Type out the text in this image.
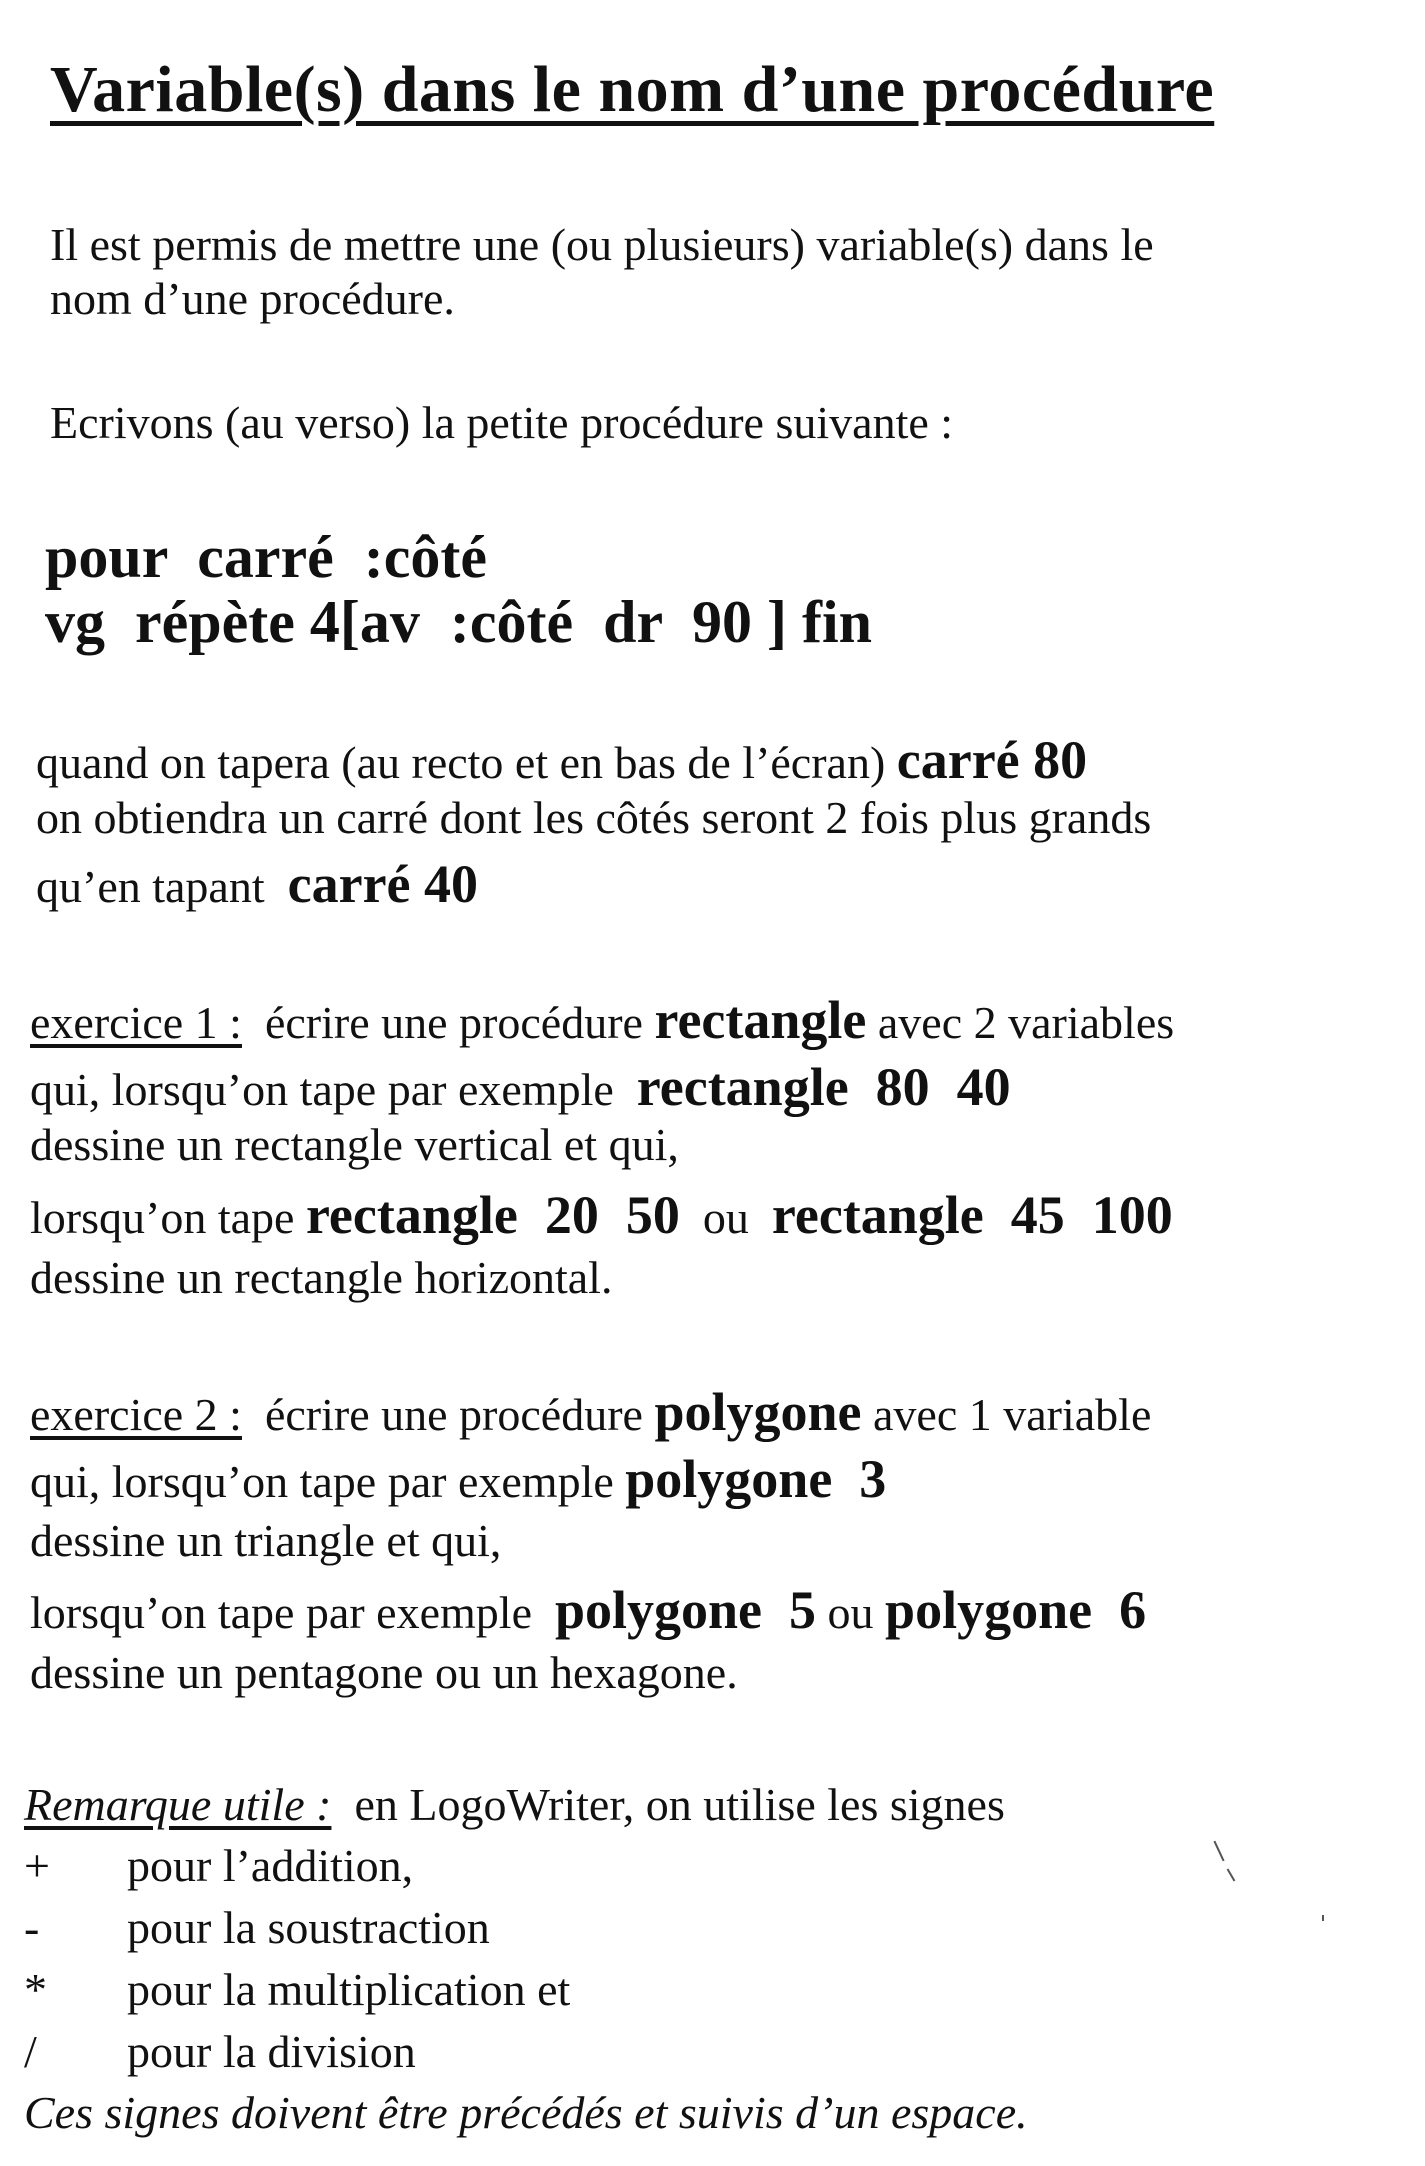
Variable(s) dans le nom d’une procédure
Il est permis de mettre une (ou plusieurs) variable(s) dans le
nom d’une procédure.
Ecrivons (au verso) la petite procédure suivante :
pour  carré  :côté
vg  répète 4[av  :côté  dr  90 ] fin
quand on tapera (au recto et en bas de l’écran) carré 80
on obtiendra un carré dont les côtés seront 2 fois plus grands
qu’en tapant  carré 40
exercice 1 : écrire une procédure rectangle avec 2 variables
qui, lorsqu’on tape par exemple  rectangle  80  40
dessine un rectangle vertical et qui,
lorsqu’on tape rectangle  20  50  ou  rectangle  45  100
dessine un rectangle horizontal.
exercice 2 : écrire une procédure polygone avec 1 variable
qui, lorsqu’on tape par exemple polygone  3
dessine un triangle et qui,
lorsqu’on tape par exemple  polygone  5 ou polygone  6
dessine un pentagone ou un hexagone.
Remarque utile :  en LogoWriter, on utilise les signes
+ pour l’addition,
- pour la soustraction
* pour la multiplication et
/ pour la division
Ces signes doivent être précédés et suivis d’un espace.
